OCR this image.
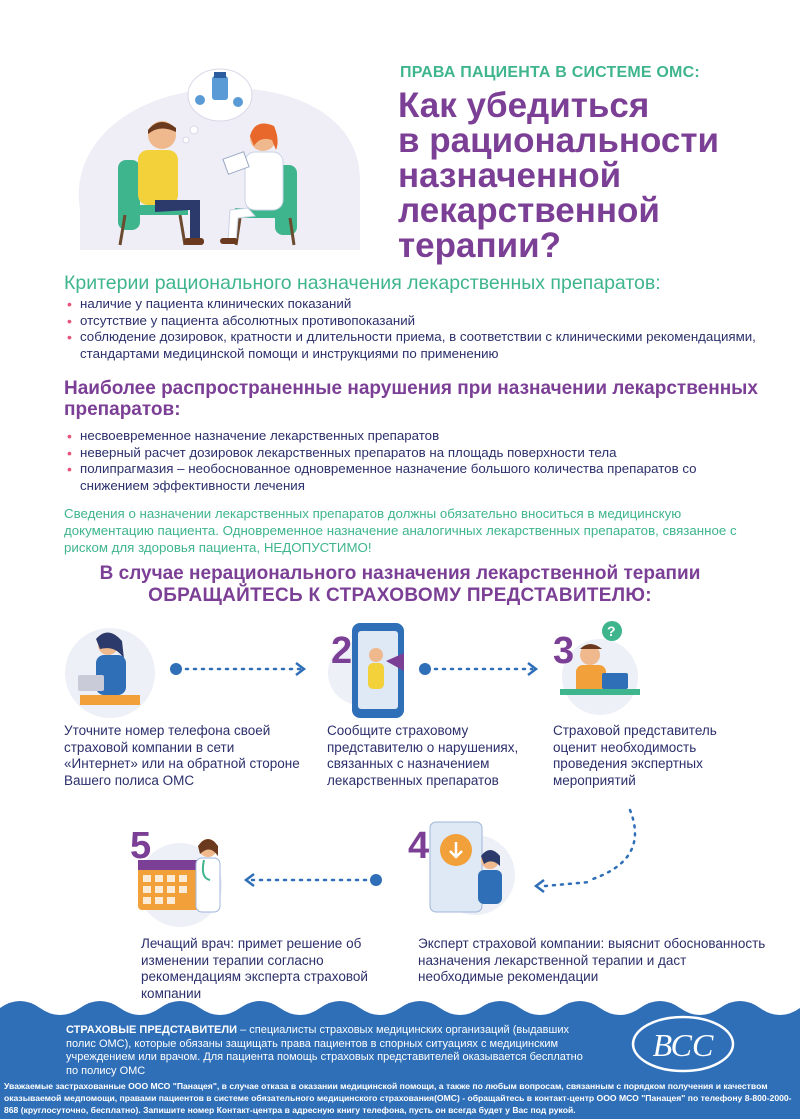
ПРАВА ПАЦИЕНТА В СИСТЕМЕ ОМС:
Как убедиться
в рациональности
назначенной
лекарственной
терапии?
Критерии рационального назначения лекарственных препаратов:
• наличие у пациента клинических показаний
• отсутствие у пациента абсолютных противопоказаний
• соблюдение дозировок, кратности и длительности приема, в соответствии с клиническими рекомендациями, стандартами медицинской помощи и инструкциями по применению
Наиболее распространенные нарушения при назначении лекарственных препаратов:
• несвоевременное назначение лекарственных препаратов
• неверный расчет дозировок лекарственных препаратов на площадь поверхности тела
• полипрагмазия – необоснованное одновременное назначение большого количества препаратов со снижением эффективности лечения

Сведения о назначении лекарственных препаратов должны обязательно вноситься в медицинскую документацию пациента. Одновременное назначение аналогичных лекарственных препаратов, связанное с риском для здоровья пациента, НЕДОПУСТИМО!

В случае нерационального назначения лекарственной терапии
ОБРАЩАЙТЕСЬ К СТРАХОВОМУ ПРЕДСТАВИТЕЛЮ:
2	?
3
Уточните номер телефона своей страховой компании в сети «Интернет» или на обратной стороне Вашего полиса ОМС
Сообщите страховому представителю о нарушениях, связанных с назначением лекарственных препаратов
Страховой представитель оценит необходимость проведения экспертных мероприятий
4
5
Эксперт страховой компании: выяснит обоснованность назначения лекарственной терапии и даст необходимые рекомендации
Лечащий врач: примет решение об изменении терапии согласно рекомендациям эксперта страховой компании
СТРАХОВЫЕ ПРЕДСТАВИТЕЛИ – специалисты страховых медицинских организаций (выдавших полис ОМС), которые обязаны защищать права пациентов в спорных ситуациях с медицинским учреждением или врачом. Для пациента помощь страховых представителей оказывается бесплатно по полису ОМС
ВСС
Уважаемые застрахованные ООО МСО "Панацея", в случае отказа в оказании медицинской помощи, а также по любым вопросам, связанным с порядком получения и качеством оказываемой медпомощи, правами пациентов в системе обязательного медицинского страхования(ОМС) - обращайтесь в контакт-центр ООО МСО "Панацея" по телефону 8-800-2000-868 (круглосуточно, бесплатно). Запишите номер Контакт-центра в адресную книгу телефона, пусть он всегда будет у Вас под рукой.
